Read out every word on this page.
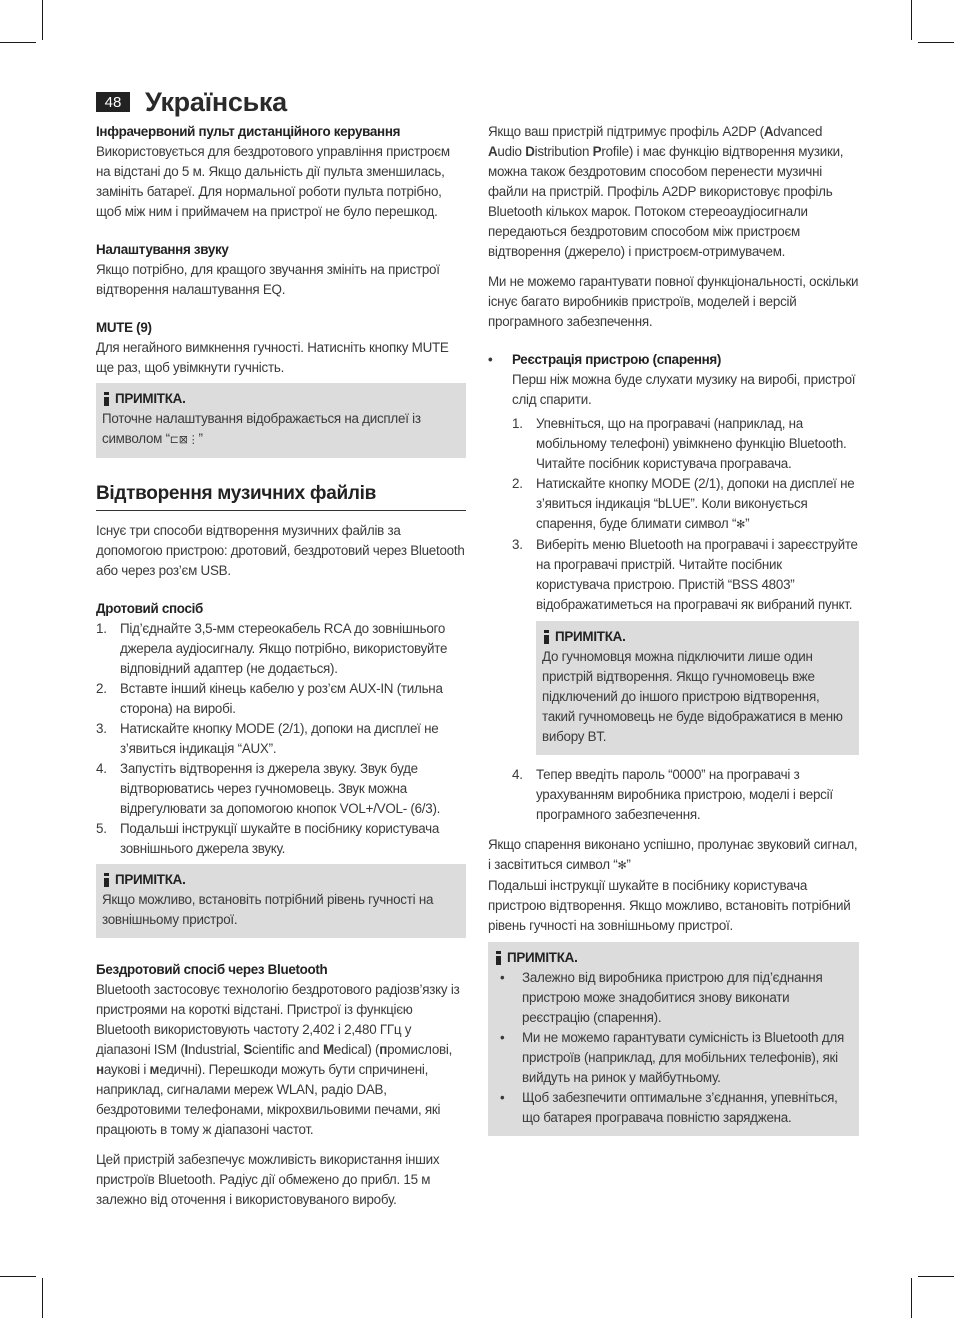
48 Українська

Інфрачервоний пульт дистанційного керування

Використовується для бездротового управління пристроєм на відстані до 5 м. Якщо дальність дії пульта зменшилась, замініть батареї. Для нормальної роботи пульта потрібно, щоб між ним і приймачем на пристрої не було перешкод.

Налаштування звуку

Якщо потрібно, для кращого звучання змініть на пристрої відтворення налаштування EQ.

MUTE (9)

Для негайного вимкнення гучності. Натисніть кнопку MUTE ще раз, щоб увімкнути гучність.

ПРИМІТКА.

Поточне налаштування відображається на дисплеї із символом “⊏⊠⋮”

Відтворення музичних файлів

Існує три способи відтворення музичних файлів за допомогою пристрою: дротовий, бездротовий через Bluetooth або через роз’єм USB.

Дротовий спосіб

1. Під’єднайте 3,5-мм стереокабель RCA до зовнішнього джерела аудіосигналу. Якщо потрібно, використовуйте відповідний адаптер (не додається).
2. Вставте інший кінець кабелю у роз’єм AUX-IN (тильна сторона) на виробі.
3. Натискайте кнопку MODE (2/1), допоки на дисплеї не з’явиться індикація “AUX”.
4. Запустіть відтворення із джерела звуку. Звук буде відтворюватись через гучномовець. Звук можна відрегулювати за допомогою кнопок VOL+/VOL- (6/3).
5. Подальші інструкції шукайте в посібнику користувача зовнішнього джерела звуку.
ПРИМІТКА.

Якщо можливо, встановіть потрібний рівень гучності на зовнішньому пристрої.

Бездротовий спосіб через Bluetooth

Bluetooth застосовує технологію бездротового радіозв’язку із пристроями на короткі відстані. Пристрої із функцією Bluetooth використовують частоту 2,402 і 2,480 ГГц у діапазоні ISM (Industrial, Scientific and Medical) (промислові, наукові і медичні). Перешкоди можуть бути спричинені, наприклад, сигналами мереж WLAN, радіо DAB, бездротовими телефонами, мікрохвильовими печами, які працюють в тому ж діапазоні частот.

Цей пристрій забезпечує можливість використання інших пристроїв Bluetooth. Радіус дії обмежено до прибл. 15 м залежно від оточення і використовуваного виробу.

Якщо ваш пристрій підтримує профіль A2DP (Advanced Audio Distribution Profile) і має функцію відтворення музики, можна також бездротовим способом перенести музичні файли на пристрій. Профіль A2DP використовує профіль Bluetooth кількох марок. Потоком стереоаудіосигнали передаються бездротовим способом між пристроєм відтворення (джерело) і пристроєм-отримувачем.

Ми не можемо гарантувати повної функціональності, оскільки існує багато виробників пристроїв, моделей і версій програмного забезпечення.

•	Реєстрація пристрою (спарення)

Перш ніж можна буде слухати музику на виробі, пристрої слід спарити.

1. Упевніться, що на програвачі (наприклад, на мобільному телефоні) увімкнено функцію Bluetooth. Читайте посібник користувача програвача.
2. Натискайте кнопку MODE (2/1), допоки на дисплеї не з’явиться індикація “bLUE”. Коли виконується спарення, буде блимати символ “✻”
3. Виберіть меню Bluetooth на програвачі і зареєструйте на програвачі пристрій. Читайте посібник користувача пристрою. Пристій “BSS 4803” відображатиметься на програвачі як вибраний пункт.
ПРИМІТКА.

До гучномовця можна підключити лише один пристрій відтворення. Якщо гучномовець вже підключений до іншого пристрою відтворення, такий гучномовець не буде відображатися в меню вибору BT.

4. Тепер введіть пароль “0000” на програвачі з урахуванням виробника пристрою, моделі і версії програмного забезпечення.

Якщо спарення виконано успішно, пролунає звуковий сигнал, і засвітиться символ “✻”

Подальші інструкції шукайте в посібнику користувача пристрою відтворення. Якщо можливо, встановіть потрібний рівень гучності на зовнішньому пристрої.

ПРИМІТКА.
•	Залежно від виробника пристрою для під’єднання пристрою може знадобитися знову виконати реєстрацію (спарення).
•	Ми не можемо гарантувати сумісність із Bluetooth для пристроїв (наприклад, для мобільних телефонів), які вийдуть на ринок у майбутньому.
•	Щоб забезпечити оптимальне з’єднання, упевніться, що батарея програвача повністю заряджена.
